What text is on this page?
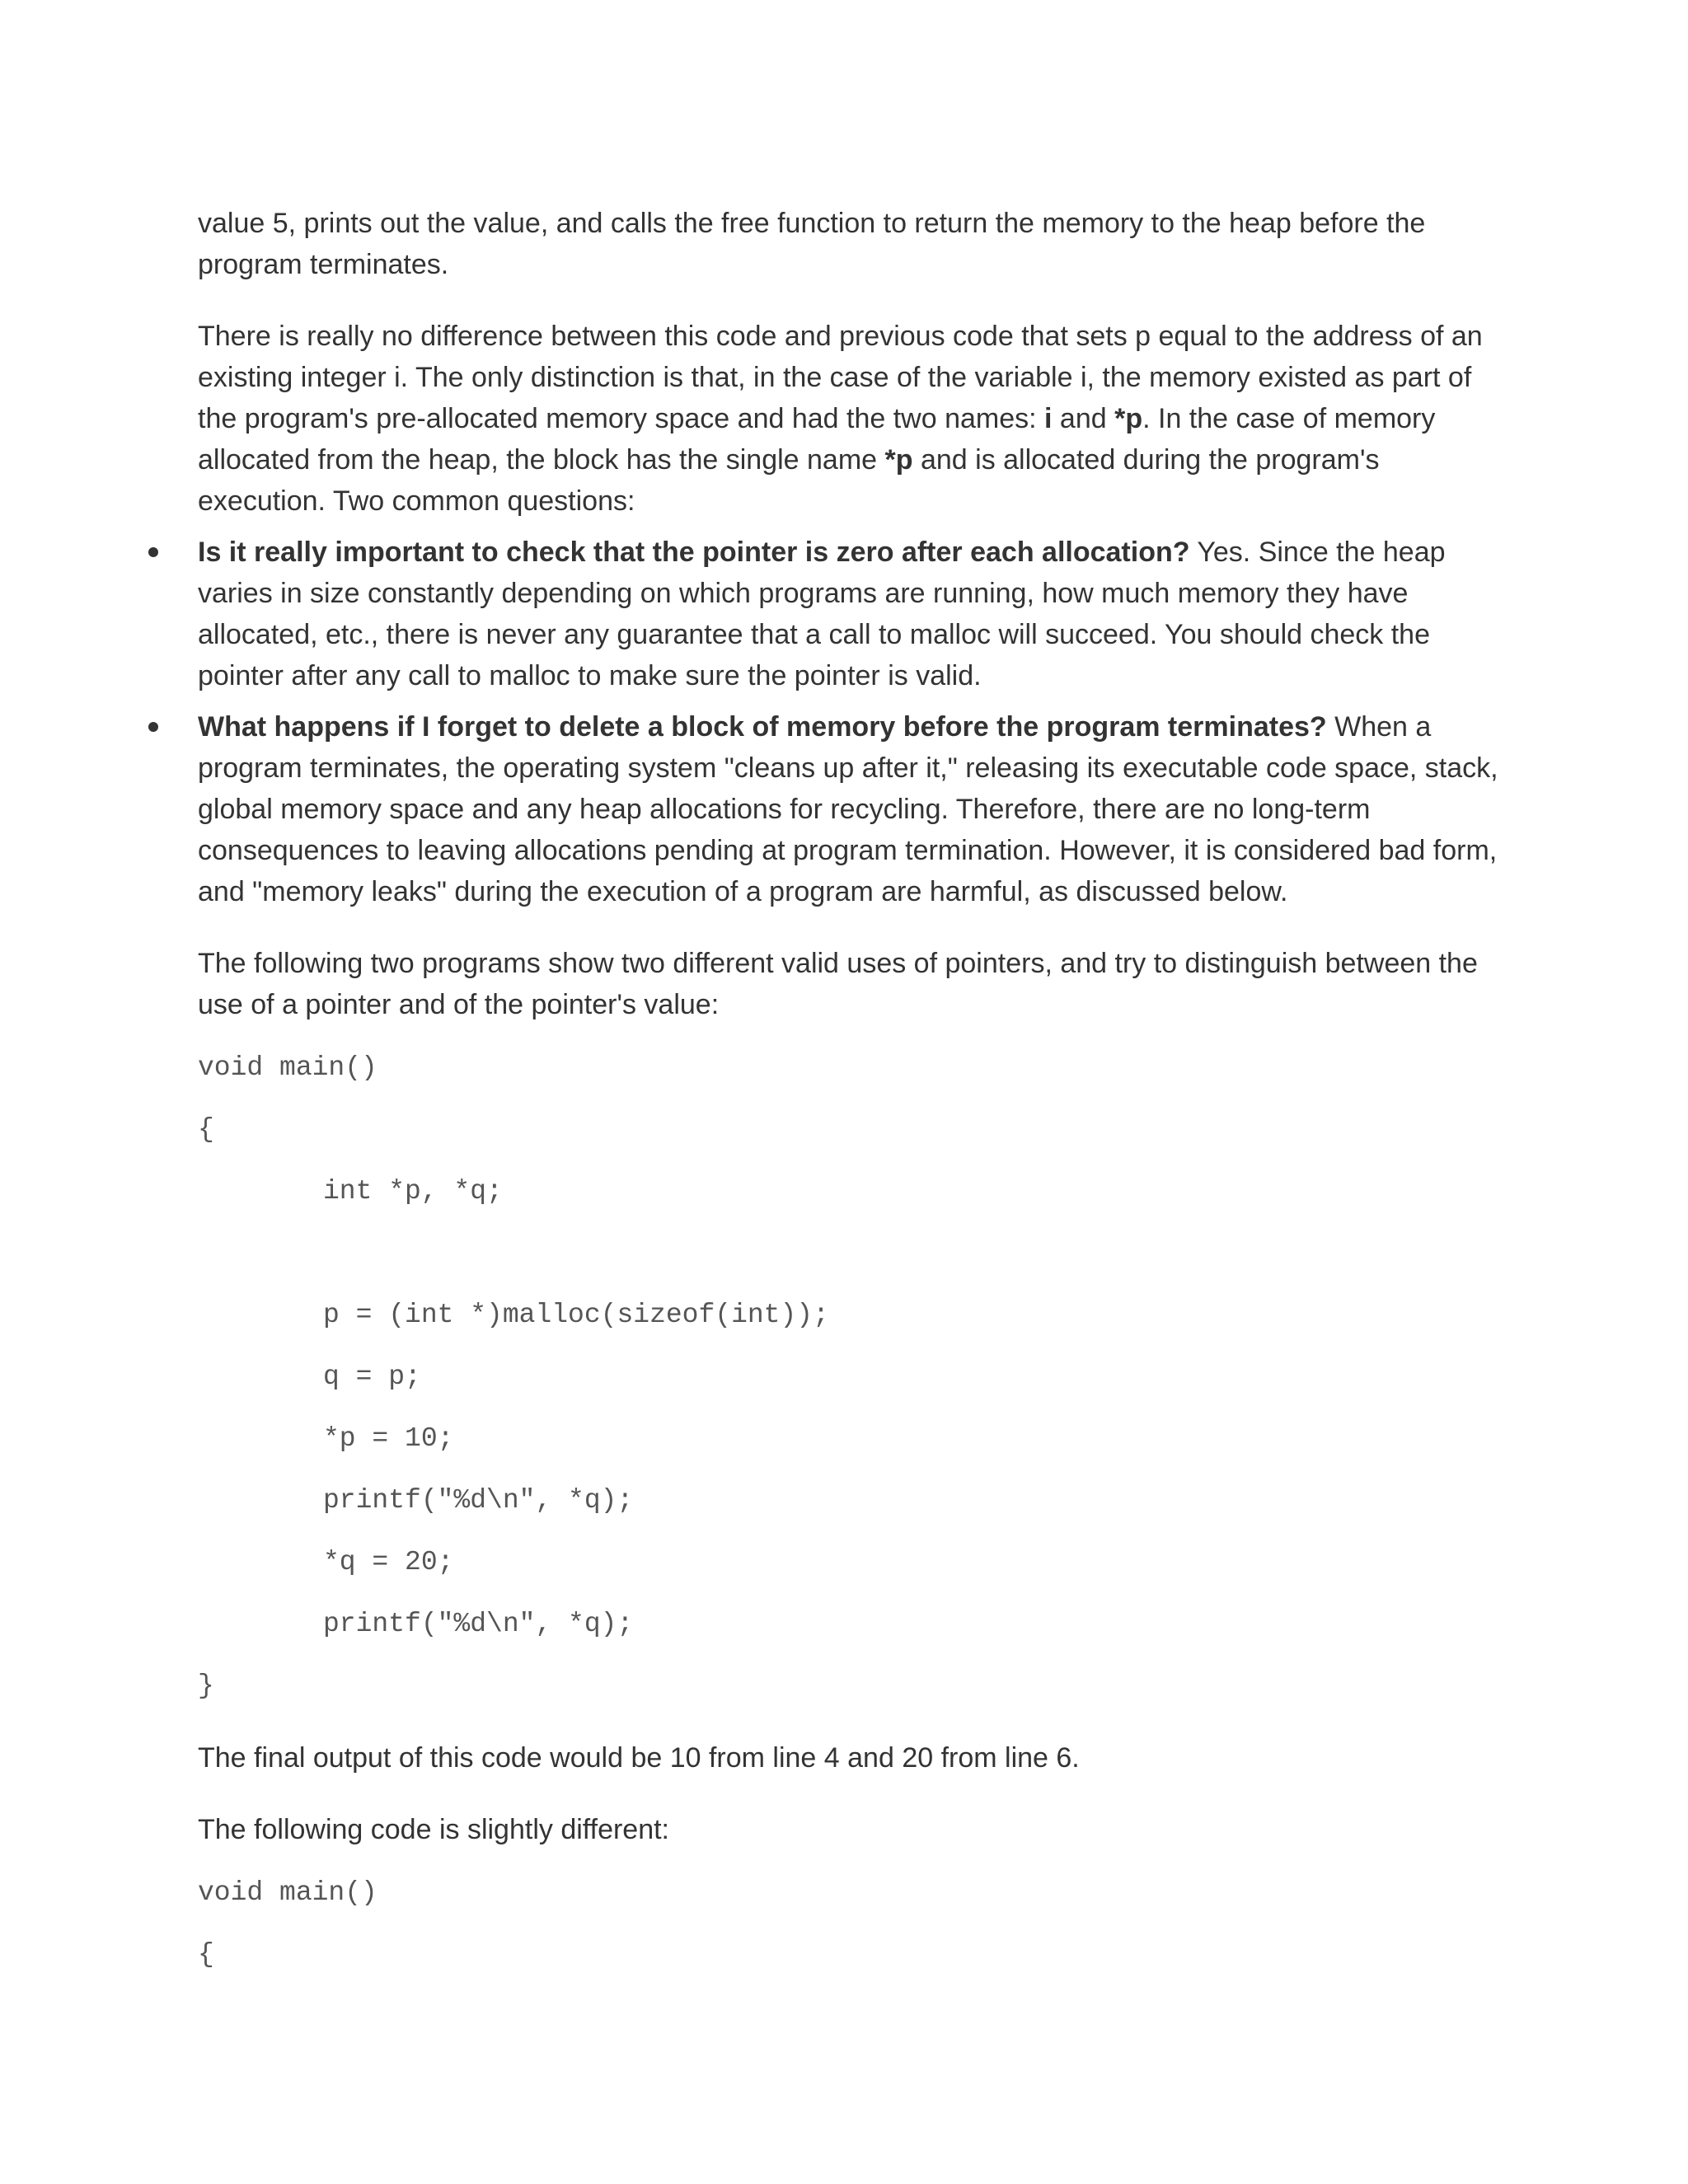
value 5, prints out the value, and calls the free function to return the memory to the heap before the

program terminates.

There is really no difference between this code and previous code that sets p equal to the address of an

existing integer i. The only distinction is that, in the case of the variable i, the memory existed as part of

the program's pre-allocated memory space and had the two names: i and *p. In the case of memory

allocated from the heap, the block has the single name *p and is allocated during the program's

execution. Two common questions:

Is it really important to check that the pointer is zero after each allocation? Yes. Since the heap

varies in size constantly depending on which programs are running, how much memory they have

allocated, etc., there is never any guarantee that a call to malloc will succeed. You should check the

pointer after any call to malloc to make sure the pointer is valid.

What happens if I forget to delete a block of memory before the program terminates? When a

program terminates, the operating system "cleans up after it," releasing its executable code space, stack,

global memory space and any heap allocations for recycling. Therefore, there are no long-term

consequences to leaving allocations pending at program termination. However, it is considered bad form,

and "memory leaks" during the execution of a program are harmful, as discussed below.

The following two programs show two different valid uses of pointers, and try to distinguish between the

use of a pointer and of the pointer's value:

void main()
{
int *p, *q;
p = (int *)malloc(sizeof(int));
q = p;
*p = 10;
printf("%d\n", *q);
*q = 20;
printf("%d\n", *q);
}

The final output of this code would be 10 from line 4 and 20 from line 6.

The following code is slightly different:

void main()
{
